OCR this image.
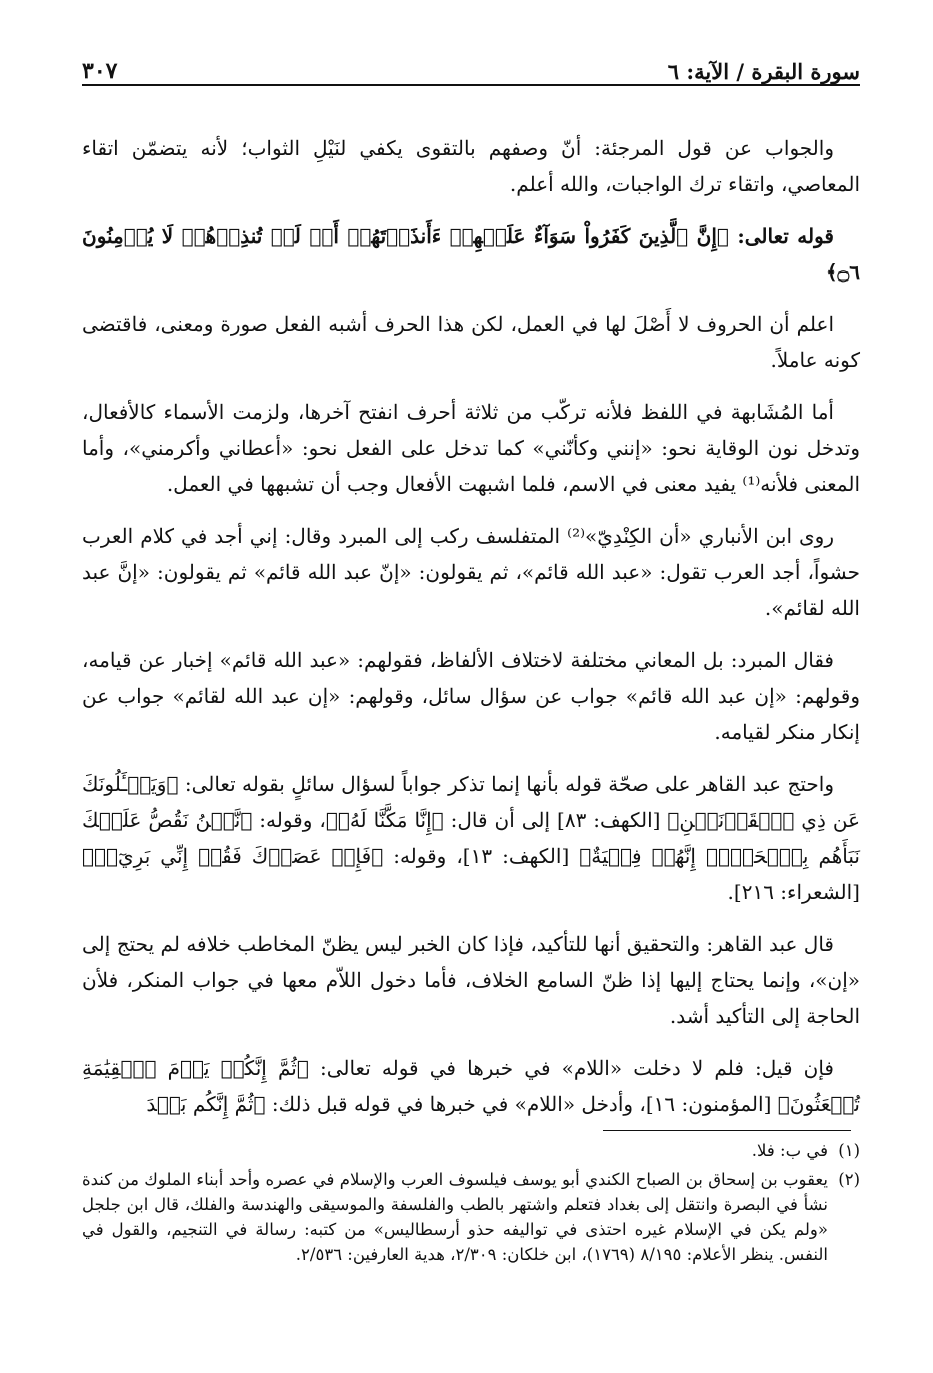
سورة البقرة / الآية: ٦
٣٠٧

والجواب عن قول المرجئة: أنّ وصفهم بالتقوى يكفي لنَيْلِ الثواب؛ لأنه يتضمّن اتقاء المعاصي، واتقاء ترك الواجبات، والله أعلم.

قوله تعالى: ﴿إِنَّ ٱلَّذِينَ كَفَرُواْ سَوَآءٌ عَلَيۡهِمۡ ءَأَنذَرۡتَهُمۡ أَمۡ لَمۡ تُنذِرۡهُمۡ لَا يُؤۡمِنُونَ ۝٦﴾

اعلم أن الحروف لا أَصْلَ لها في العمل، لكن هذا الحرف أشبه الفعل صورة ومعنى، فاقتضى كونه عاملاً.

أما المُشَابهة في اللفظ فلأنه تركّب من ثلاثة أحرف انفتح آخرها، ولزمت الأسماء كالأفعال، وتدخل نون الوقاية نحو: «إنني وكأنّني» كما تدخل على الفعل نحو: «أعطاني وأكرمني»، وأما المعنى فلأنه⁽¹⁾ يفيد معنى في الاسم، فلما اشبهت الأفعال وجب أن تشبهها في العمل.

روى ابن الأنباري «أن الكِنْدِيّ»⁽²⁾ المتفلسف ركب إلى المبرد وقال: إني أجد في كلام العرب حشواً، أجد العرب تقول: «عبد الله قائم»، ثم يقولون: «إنّ عبد الله قائم» ثم يقولون: «إنَّ عبد الله لقائم».

فقال المبرد: بل المعاني مختلفة لاختلاف الألفاظ، فقولهم: «عبد الله قائم» إخبار عن قيامه، وقولهم: «إن عبد الله قائم» جواب عن سؤال سائل، وقولهم: «إن عبد الله لقائم» جواب عن إنكار منكر لقيامه.

واحتج عبد القاهر على صحّة قوله بأنها إنما تذكر جواباً لسؤال سائلٍ بقوله تعالى: ﴿وَيَسۡـَٔلُونَكَ عَن ذِي ٱلۡقَرۡنَيۡنِ﴾ [الكهف: ٨٣] إلى أن قال: ﴿إِنَّا مَكَّنَّا لَهُۥ﴾، وقوله: ﴿نَّحۡنُ نَقُصُّ عَلَيۡكَ نَبَأَهُم بِٱلۡحَقِّۚ إِنَّهُمۡ فِتۡيَةٌ﴾ [الكهف: ١٣]، وقوله: ﴿فَإِنۡ عَصَوۡكَ فَقُلۡ إِنِّي بَرِيٓءٞ﴾ [الشعراء: ٢١٦].

قال عبد القاهر: والتحقيق أنها للتأكيد، فإذا كان الخبر ليس يظنّ المخاطب خلافه لم يحتج إلى «إن»، وإنما يحتاج إليها إذا ظنّ السامع الخلاف، فأما دخول اللاّم معها في جواب المنكر، فلأن الحاجة إلى التأكيد أشد.

فإن قيل: فلم لا دخلت «اللام» في خبرها في قوله تعالى: ﴿ثُمَّ إِنَّكُمۡ يَوۡمَ ٱلۡقِيَٰمَةِ تُبۡعَثُونَ﴾ [المؤمنون: ١٦]، وأدخل «اللام» في خبرها في قوله قبل ذلك: ﴿ثُمَّ إِنَّكُم بَعۡدَ

(١)
في ب: فلا.
(٢)
يعقوب بن إسحاق بن الصباح الكندي أبو يوسف فيلسوف العرب والإسلام في عصره وأحد أبناء الملوك من كندة نشأ في البصرة وانتقل إلى بغداد فتعلم واشتهر بالطب والفلسفة والموسيقى والهندسة والفلك، قال ابن جلجل «ولم يكن في الإسلام غيره احتذى في تواليفه حذو أرسطاليس» من كتبه: رسالة في التنجيم، والقول في النفس. ينظر الأعلام: ٨/١٩٥ (١٧٦٩)، ابن خلكان: ٢/٣٠٩، هدية العارفين: ٢/٥٣٦.
